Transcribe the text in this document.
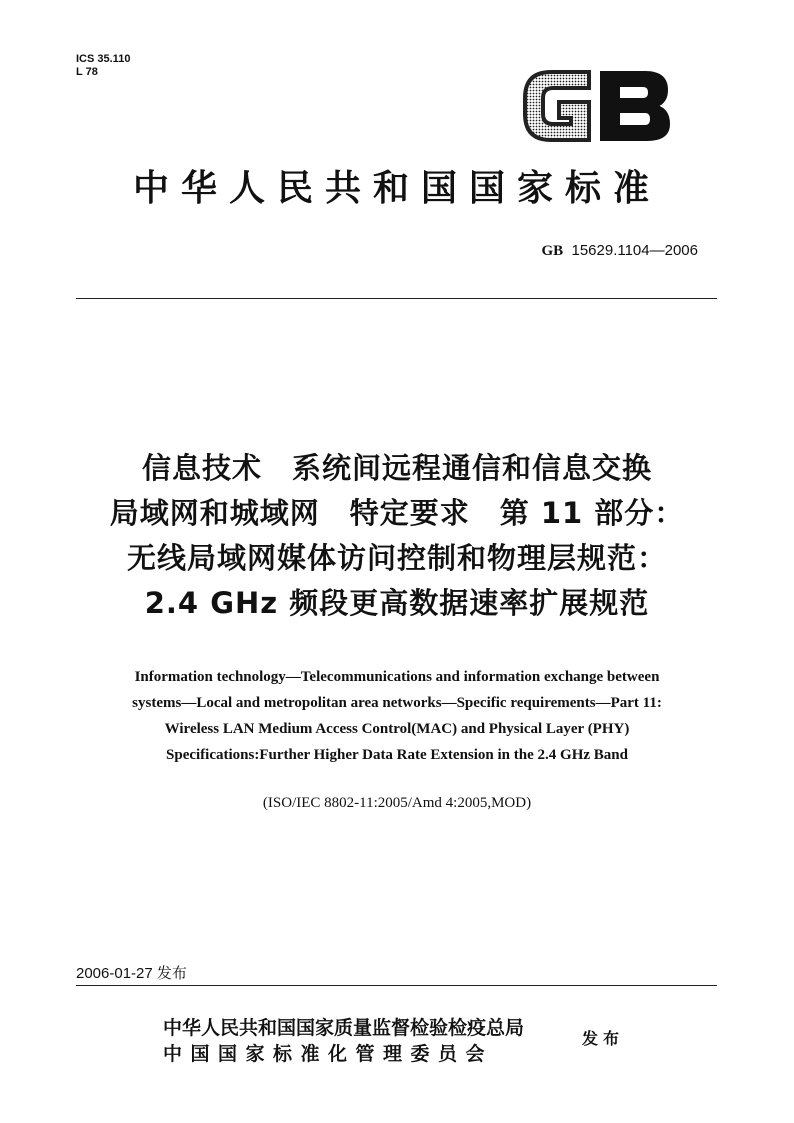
ICS 35.110
L 78
GB
中华人民共和国国家标准
GB 15629.1104—2006
信息技术　系统间远程通信和信息交换
局域网和城域网　特定要求　第 11 部分：
无线局域网媒体访问控制和物理层规范：
2.4 GHz 频段更高数据速率扩展规范
Information technology—Telecommunications and information exchange between
systems—Local and metropolitan area networks—Specific requirements—Part 11:
Wireless LAN Medium Access Control(MAC) and Physical Layer (PHY)
Specifications:Further Higher Data Rate Extension in the 2.4 GHz Band
(ISO/IEC 8802-11:2005/Amd 4:2005,MOD)
2006-01-27 发布
中华人民共和国国家质量监督检验检疫总局
中国国家标准化管理委员会
发布
